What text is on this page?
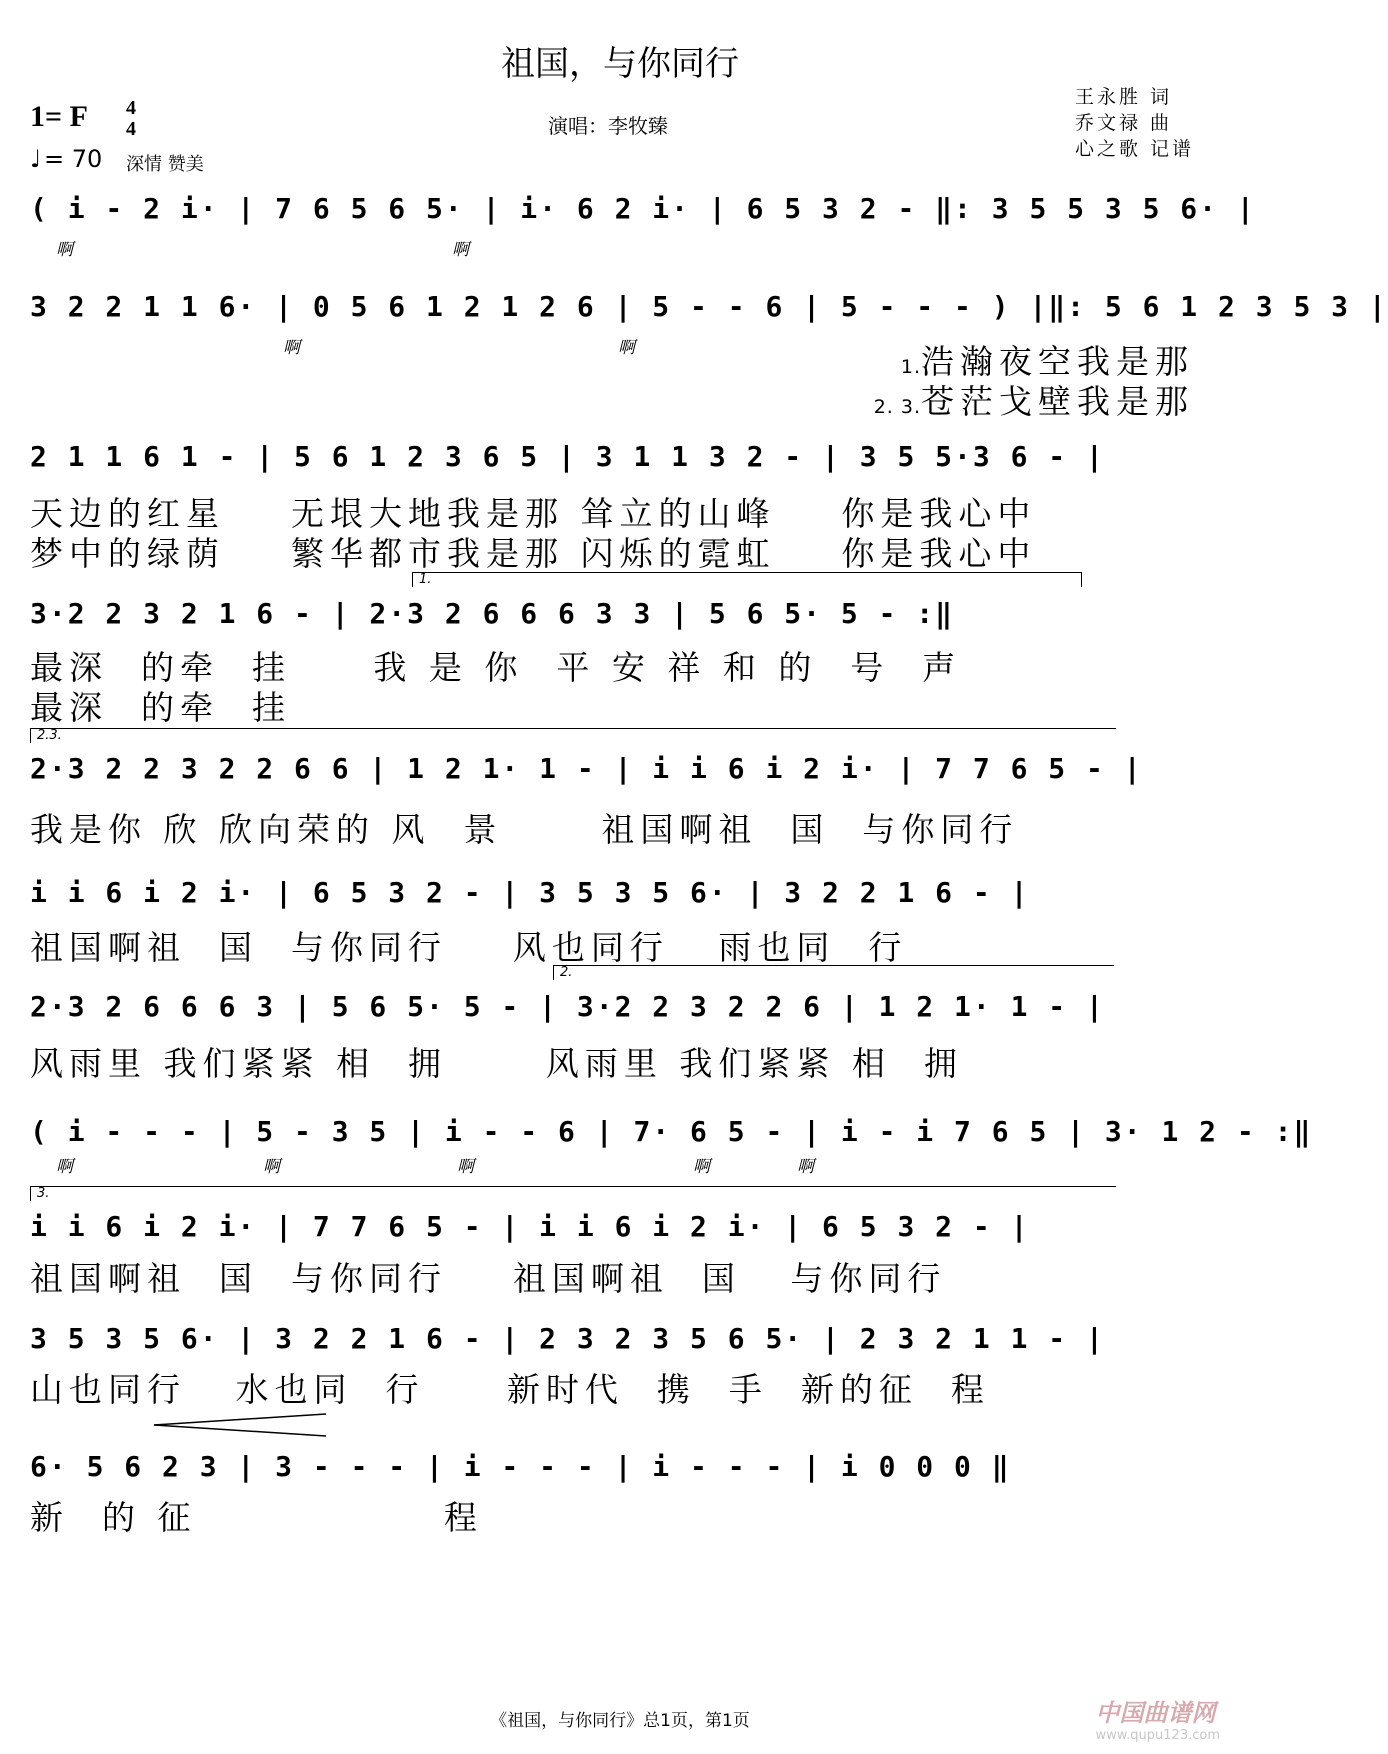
祖国，与你同行
1= F 4
4
♩ = 70 深情 赞美
演唱：李牧臻
王永胜 词
乔文禄 曲
心之歌 记谱
( i - 2 i· | 7 6 5 6 5· | i· 6 2 i· | 6 5 3 2 - ‖: 3 5 5 3 5 6· |
啊	啊
3 2 2 1 1 6· | 0 5 6 1 2 1 2 6 | 5 - - 6 | 5 - - - ) |‖: 5 6 1 2 3 5 3 |
啊	啊
1.浩瀚夜空我是那
2. 3.苍茫戈壁我是那
2 1 1 6 1 - | 5 6 1 2 3 6 5 | 3 1 1 3 2 - | 3 5 5·3 6 - |
天边的红星    无垠大地我是那 耸立的山峰    你是我心中
梦中的绿荫    繁华都市我是那 闪烁的霓虹    你是我心中
1.
3·2 2 3 2 1 6 - | 2·3 2 6 6 6 3 3 | 5 6 5· 5 - :‖
最深  的牵  挂     我 是 你  平 安 祥 和 的  号  声
最深  的牵  挂
2.3.
2·3 2 2 3 2 2 6 6 | 1 2 1· 1 - | i i 6 i 2 i· | 7 7 6 5 - |
我是你 欣 欣向荣的 风  景      祖国啊祖  国  与你同行
i i 6 i 2 i· | 6 5 3 2 - | 3 5 3 5 6· | 3 2 2 1 6 - |
祖国啊祖  国  与你同行    风也同行   雨也同  行
2.
2·3 2 6 6 6 3 | 5 6 5· 5 - | 3·2 2 3 2 2 6 | 1 2 1· 1 - |
风雨里 我们紧紧 相  拥      风雨里 我们紧紧 相  拥
( i - - - | 5 - 3 5 | i - - 6 | 7· 6 5 - | i - i 7 6 5 | 3· 1 2 - :‖
啊	啊	啊	啊	啊
3.
i i 6 i 2 i· | 7 7 6 5 - | i i 6 i 2 i· | 6 5 3 2 - |
祖国啊祖  国  与你同行    祖国啊祖  国   与你同行
3 5 3 5 6· | 3 2 2 1 6 - | 2 3 2 3 5 6 5· | 2 3 2 1 1 - |
山也同行   水也同  行     新时代  携  手  新的征  程
6· 5 6 2 3 | 3 - - - | i - - - | i - - - | i 0 0 0 ‖
新  的 征               程
《祖国，与你同行》总1页，第1页	中国曲谱网
www.qupu123.com
